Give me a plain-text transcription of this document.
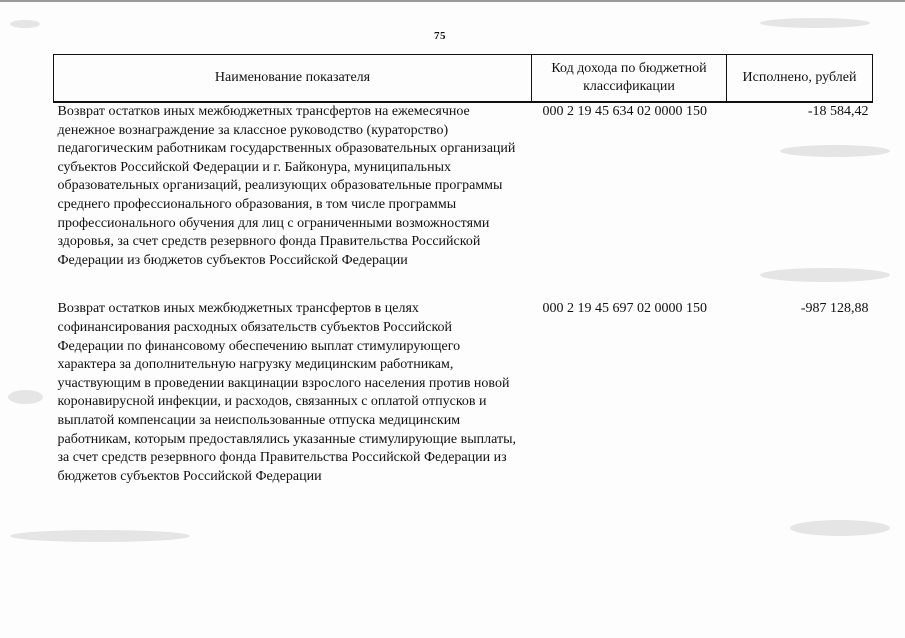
75
Наименование показателя	Код дохода по бюджетной классификации	Исполнено, рублей
Возврат остатков иных межбюджетных трансфертов на ежемесячное денежное вознаграждение за классное руководство (кураторство) педагогическим работникам государственных образовательных организаций субъектов Российской Федерации и г. Байконура, муниципальных образовательных организаций, реализующих образовательные программы среднего профессионального образования, в том числе программы профессионального обучения для лиц с ограниченными возможностями здоровья, за счет средств резервного фонда Правительства Российской Федерации из бюджетов субъектов Российской Федерации	000 2 19 45 634 02 0000 150	-18 584,42
Возврат остатков иных межбюджетных трансфертов в целях софинансирования расходных обязательств субъектов Российской Федерации по финансовому обеспечению выплат стимулирующего характера за дополнительную нагрузку медицинским работникам, участвующим в проведении вакцинации взрослого населения против новой коронавирусной инфекции, и расходов, связанных с оплатой отпусков и выплатой компенсации за неиспользованные отпуска медицинским работникам, которым предоставлялись указанные стимулирующие выплаты, за счет средств резервного фонда Правительства Российской Федерации из бюджетов субъектов Российской Федерации	000 2 19 45 697 02 0000 150	-987 128,88
